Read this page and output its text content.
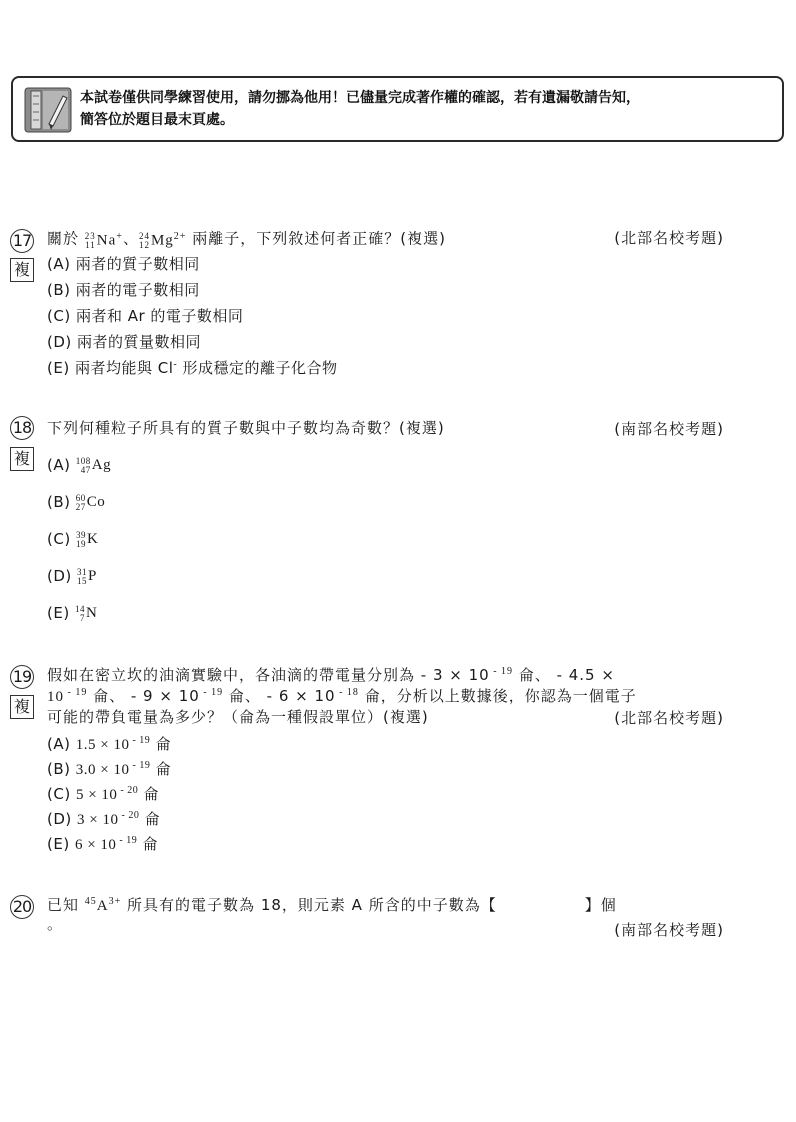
本試卷僅供同學練習使用，請勿挪為他用！已儘量完成著作權的確認，若有遺漏敬請告知，
簡答位於題目最末頁處。
17
複
關於 23
11 Na+、 24
12 $Mg^{2+}$ 兩離子，下列敘述何者正確？(複選)	(北部名校考題)
(A) 兩者的質子數相同
(B) 兩者的電子數相同
(C) 兩者和 Ar 的電子數相同
(D) 兩者的質量數相同
(E) 兩者均能與 Cl- 形成穩定的離子化合物
18
複
下列何種粒子所具有的質子數與中子數均為奇數？(複選)	(南部名校考題)
(A) 108
47 Ag
(B) 60
27 Co
(C) 39
19 K
(D) 31
15 P
(E) 14
7 N
19
複
假如在密立坎的油滴實驗中，各油滴的帶電量分別為 - 3 × 10 $^{- 19}$ 侖、 - 4.5 ×
10 $^{- 19}$ 侖、 - 9 × 10 $^{- 19}$ 侖、 - 6 × 10 $^{- 18}$ 侖，分析以上數據後，你認為一個電子
可能的帶負電量為多少？（侖為一種假設單位）(複選)	(北部名校考題)
(A) 1.5 × 10 $^{- 19}$ 侖
(B) 3.0 × 10 $^{- 19}$ 侖
(C) 5 × 10 $^{- 20}$ 侖
(D) 3 × 10 $^{- 20}$ 侖
(E) 6 × 10 $^{- 19}$ 侖
20 已知 $^{45}A^{3+}$ 所具有的電子數為 18，則元素 A 所含的中子數為【	】個
。	(南部名校考題)
